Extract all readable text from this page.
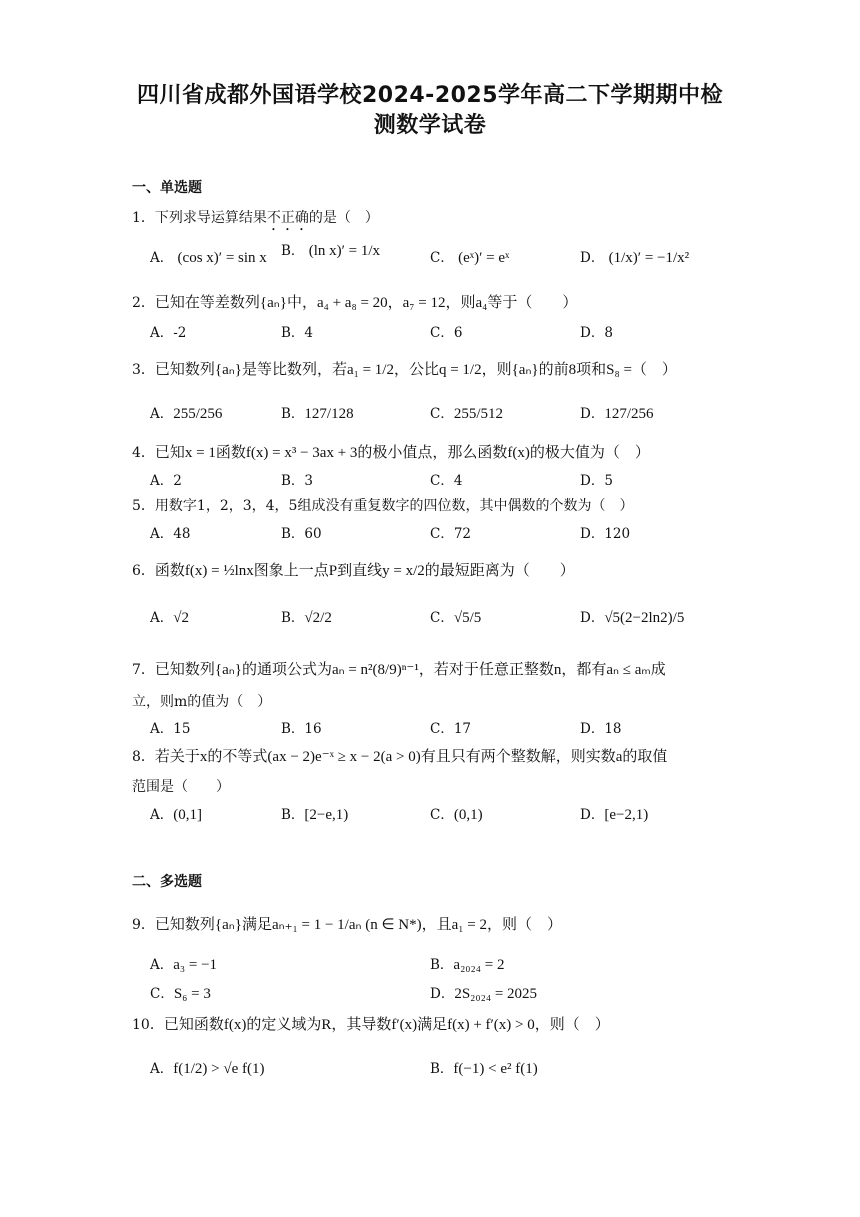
四川省成都外国语学校2024-2025学年高二下学期期中检
测数学试卷
一、单选题
1．下列求导运算结果不正确的是（　）
A． (cos x)′ = sin x B． (ln x)′ = 1/x	C． (eˣ)′ = eˣ	D． (1/x)′ = −1/x²
2．已知在等差数列{aₙ}中，a₄ + a₈ = 20，a₇ = 12，则a₄等于（　　）
A．-2	B．4	C．6	D．8
3．已知数列{aₙ}是等比数列，若a₁ = 1/2，公比q = 1/2，则{aₙ}的前8项和S₈ =（　）
A．255/256	B．127/128	C．255/512	D．127/256
4．已知x = 1函数f(x) = x³ − 3ax + 3的极小值点，那么函数f(x)的极大值为（　）
A．2	B．3	C．4	D．5
5．用数字1，2，3，4，5组成没有重复数字的四位数，其中偶数的个数为（　）
A．48	B．60	C．72	D．120
6．函数f(x) = ½lnx图象上一点P到直线y = x/2的最短距离为（　　）
A．√2	B．√2/2	C．√5/5	D．√5(2−2ln2)/5
7．已知数列{aₙ}的通项公式为aₙ = n²(8/9)ⁿ⁻¹，若对于任意正整数n，都有aₙ ≤ aₘ成
立，则m的值为（　）
A．15	B．16	C．17	D．18
8．若关于x的不等式(ax − 2)e⁻ˣ ≥ x − 2(a > 0)有且只有两个整数解，则实数a的取值
范围是（　　）
A．(0,1]	B．[2−e,1)	C．(0,1)	D．[e−2,1)
二、多选题
9．已知数列{aₙ}满足aₙ₊₁ = 1 − 1/aₙ (n ∈ N*)，且a₁ = 2，则（　）
A．a₃ = −1	B．a₂₀₂₄ = 2
C．S₆ = 3	D．2S₂₀₂₄ = 2025
10．已知函数f(x)的定义域为R，其导数f′(x)满足f(x) + f′(x) > 0，则（　）
A．f(1/2) > √e f(1)	B．f(−1) < e² f(1)
